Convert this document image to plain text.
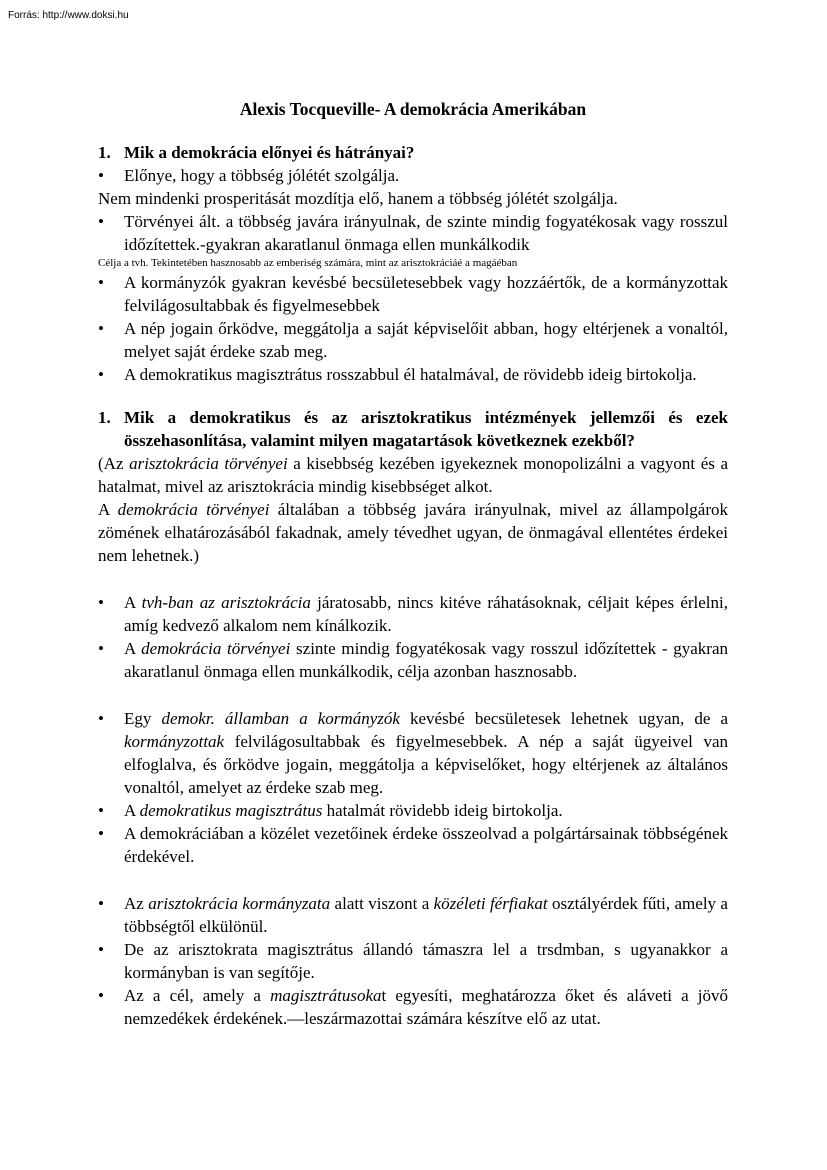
Forrás: http://www.doksi.hu
Alexis Tocqueville- A demokrácia Amerikában
1. Mik a demokrácia előnyei és hátrányai?
•	Előnye, hogy a többség jólétét szolgálja.

Nem mindenki prosperitását mozdítja elő, hanem a többség jólétét szolgálja.

•	Törvényei ált. a többség javára irányulnak, de szinte mindig fogyatékosak vagy rosszul időzítettek.-gyakran akaratlanul önmaga ellen munkálkodik

Célja a tvh. Tekintetében hasznosabb az emberiség számára, mint az arisztokráciáé a magáéban

•	A kormányzók gyakran kevésbé becsületesebbek vagy hozzáértők, de a kormányzottak felvilágosultabbak és figyelmesebbek
•	A nép jogain őrködve, meggátolja a saját képviselőit abban, hogy eltérjenek a vonaltól, melyet saját érdeke szab meg.
•	A demokratikus magisztrátus rosszabbul él hatalmával, de rövidebb ideig birtokolja.
1. Mik a demokratikus és az arisztokratikus intézmények jellemzői és ezek összehasonlítása, valamint milyen magatartások következnek ezekből?

(Az arisztokrácia törvényei a kisebbség kezében igyekeznek monopolizálni a vagyont és a hatalmat, mivel az arisztokrácia mindig kisebbséget alkot.

A demokrácia törvényei általában a többség javára irányulnak, mivel az állampolgárok zömének elhatározásából fakadnak, amely tévedhet ugyan, de önmagával ellentétes érdekei nem lehetnek.)

•	A tvh-ban az arisztokrácia járatosabb, nincs kitéve ráhatásoknak, céljait képes érlelni, amíg kedvező alkalom nem kínálkozik.
•	A demokrácia törvényei szinte mindig fogyatékosak vagy rosszul időzítettek - gyakran akaratlanul önmaga ellen munkálkodik, célja azonban hasznosabb.
•	Egy demokr. államban a kormányzók kevésbé becsületesek lehetnek ugyan, de a kormányzottak felvilágosultabbak és figyelmesebbek. A nép a saját ügyeivel van elfoglalva, és őrködve jogain, meggátolja a képviselőket, hogy eltérjenek az általános vonaltól, amelyet az érdeke szab meg.
•	A demokratikus magisztrátus hatalmát rövidebb ideig birtokolja.
•	A demokráciában a közélet vezetőinek érdeke összeolvad a polgártársainak többségének érdekével.
•	Az arisztokrácia kormányzata alatt viszont a közéleti férfiakat osztályérdek fűti, amely a többségtől elkülönül.
•	De az arisztokrata magisztrátus állandó támaszra lel a trsdmban, s ugyanakkor a kormányban is van segítője.
•	Az a cél, amely a magisztrátusokat egyesíti, meghatározza őket és aláveti a jövő nemzedékek érdekének.—leszármazottai számára készítve elő az utat.
